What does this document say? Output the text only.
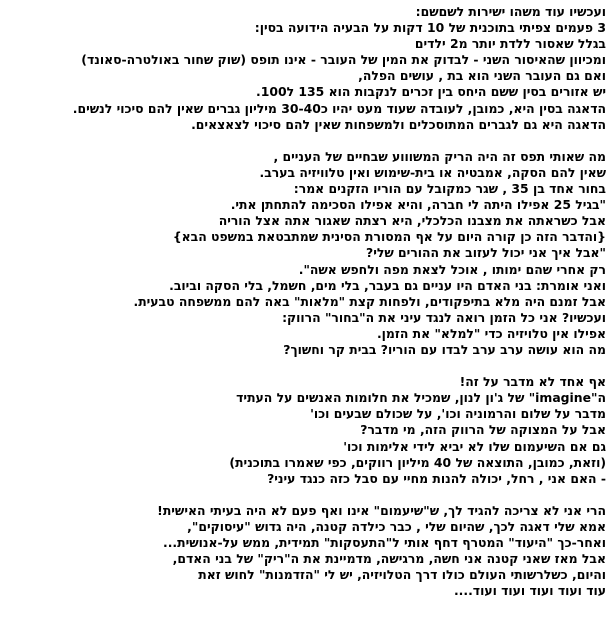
ועכשיו עוד משהו ישירות לשםשם:
3 פעמים צפיתי בתוכנית של 10 דקות על הבעיה הידועה בסין:
בגלל שאסור ללדת יותר מ2 ילדים
ומכיוון שהאיסור השני - לבדוק את המין של העובר - אינו תופס (שוק שחור באולטרה-סאונד)
ואם גם העובר השני הוא בת , עושים הפלה,
יש אזורים בסין ששם היחס בין זכרים לנקבות הוא 135 ל100.
הדאגה בסין היא, כמובן, לעובדה שעוד מעט יהיו כ30-40 מיליון גברים שאין להם סיכוי לנשים.
הדאגה היא גם לגברים המתוסכלים ולמשפחות שאין להם סיכוי לצאצאים.
מה שאותי תפס זה היה הריק המשוווע שבחיים של העניים ,
שאין להם הסקה, אמבטיה או בית-שימוש ואין טלוויזיה בערב.
בחור אחד בן 35 , שגר כמקובל עם הוריו הזקנים אמר:
"בגיל 25 אפילו היתה לי חברה, והיא אפילו הסכימה להתחתן אתי.
אבל כשראתה את מצבנו הכלכלי, היא רצתה שאגור אתה אצל הוריה
{והדבר הזה כן קורה היום על אף המסורת הסינית שמתבטאת במשפט הבא}
"אבל איך אני יכול לעזוב את ההורים שלי?
רק אחרי שהם ימותו , אוכל לצאת מפה ולחפש אשה".
ואני אומרת: בני האדם היו עניים גם בעבר, בלי מים, חשמל, בלי הסקה וביוב.
אבל זמנם היה מלא בתיפקודים, ולפחות קצת "מלאות" באה להם ממשפחה טבעית.
ועכשיו? אני כל הזמן רואה לנגד עיני את ה"בחור" הרווק:
אפילו אין טלויזיה כדי "למלא" את הזמן.
מה הוא עושה ערב ערב לבדו עם הוריו? בבית קר וחשוך?
אף אחד לא מדבר על זה!
ה"imagine" של ג'ון לנון, שמכיל את חלומות האנשים על העתיד
מדבר על שלום והרמוניה וכו', על שכולם שבעים וכו'
אבל על המצוקה של הרווק הזה, מי מדבר?
גם אם השיעמום שלו לא יביא לידי אלימות וכו'
(וזאת, כמובן, התוצאה של 40 מיליון רווקים, כפי שאמרו בתוכנית)
- האם אני , רחל, יכולה להנות מחיי עם סבל כזה כנגד עיני?
הרי אני לא צריכה להגיד לך, ש"שיעמום" אינו ואף פעם לא היה בעיתי האישית!
אמא שלי דאגה לכך, שהיום שלי , כבר כילדה קטנה, היה גדוש "עיסוקים",
ואחר-כך "היעוד" המטרף דחף אותי ל"התעסקות" תמידית, ממש על-אנושית...
אבל מאז שאני קטנה אני חשה, מרגישה, מדמיינת את ה"ריק" של בני האדם,
והיום, כשלרשותי העולם כולו דרך הטלויזיה, יש לי "הזדמנות" לחוש זאת
עוד ועוד ועוד ועוד ועוד....
